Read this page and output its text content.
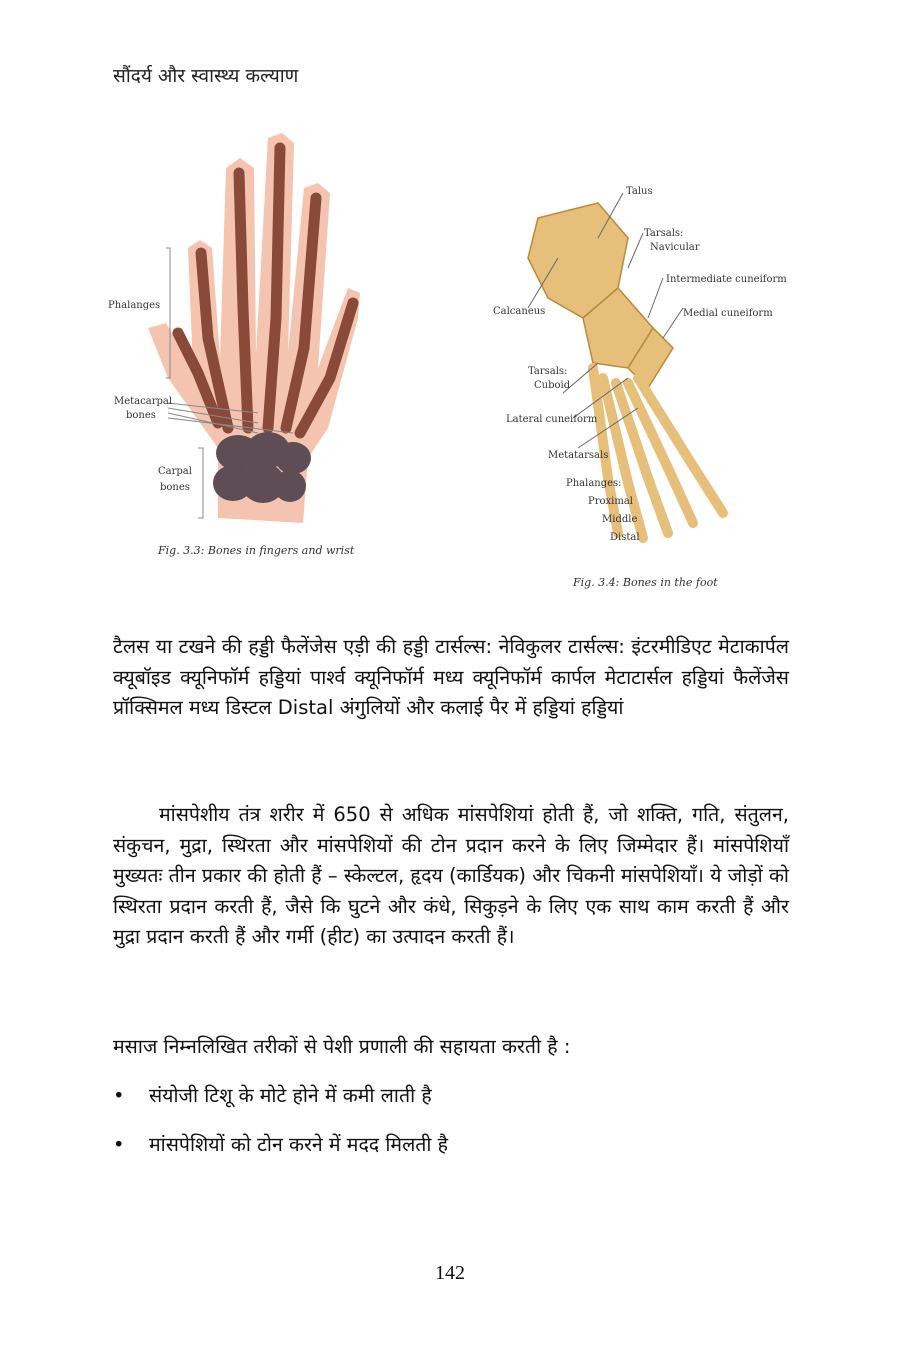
सौंदर्य और स्वास्थ्य कल्याण
Phalanges
Metacarpal
bones
Carpal
bones
Fig. 3.3: Bones in fingers and wrist
Talus
Tarsals:
Navicular
Intermediate cuneiform
Medial cuneiform
Calcaneus
Tarsals:
Cuboid
Lateral cuneiform
Metatarsals
Phalanges:
Proximal
Middle
Distal
Fig. 3.4: Bones in the foot
टैलस या टखने की हड्डी फैलेंजेस एड़ी की हड्डी टार्सल्स: नेविकुलर टार्सल्स: इंटरमीडिएट मेटाकार्पल क्यूबॉइड क्यूनिफॉर्म हड्डियां पार्श्व क्यूनिफॉर्म मध्य क्यूनिफॉर्म कार्पल मेटाटार्सल हड्डियां फैलेंजेस प्रॉक्सिमल मध्य डिस्टल Distal अंगुलियों और कलाई पैर में हड्डियां हड्डियां
मांसपेशीय तंत्र शरीर में 650 से अधिक मांसपेशियां होती हैं, जो शक्ति, गति, संतुलन, संकुचन, मुद्रा, स्थिरता और मांसपेशियों की टोन प्रदान करने के लिए जिम्मेदार हैं। मांसपेशियाँ मुख्यतः तीन प्रकार की होती हैं – स्केल्टल, हृदय (कार्डियक) और चिकनी मांसपेशियाँ। ये जोड़ों को स्थिरता प्रदान करती हैं, जैसे कि घुटने और कंधे, सिकुड़ने के लिए एक साथ काम करती हैं और मुद्रा प्रदान करती हैं और गर्मी (हीट) का उत्पादन करती हैं।
मसाज निम्नलिखित तरीकों से पेशी प्रणाली की सहायता करती है :
• संयोजी टिशू के मोटे होने में कमी लाती है
• मांसपेशियों को टोन करने में मदद मिलती है
142
